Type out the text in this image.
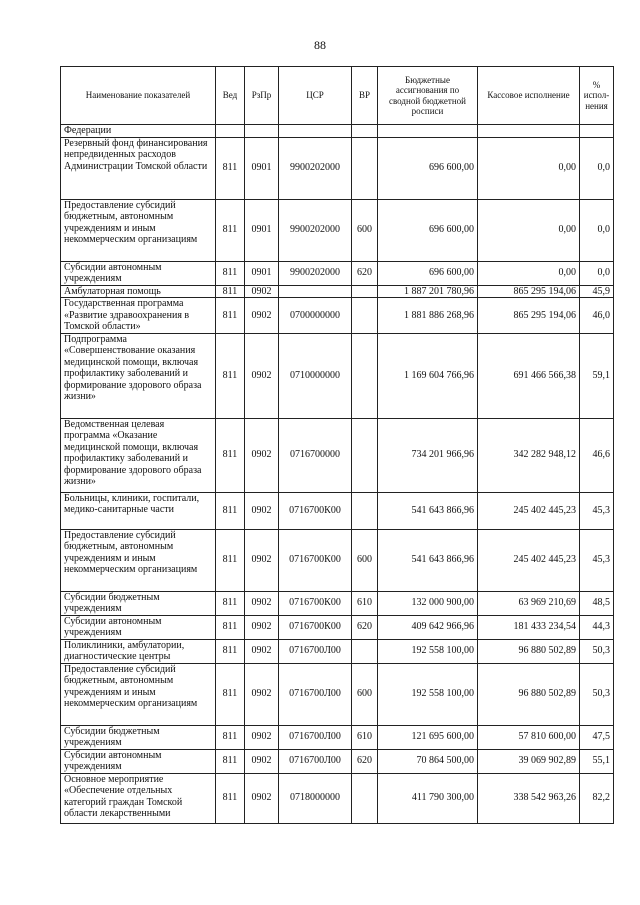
88
Наименование показателей	Вед	РзПр	ЦСР	ВР	Бюджетные ассигнования по сводной бюджетной росписи	Кассовое исполнение	% испол-нения
Федерации							
Резервный фонд финансирования непредвиденных расходов Администрации Томской области	811	0901	9900202000		696 600,00	0,00	0,0
Предоставление субсидий бюджетным, автономным учреждениям и иным некоммерческим организациям	811	0901	9900202000	600	696 600,00	0,00	0,0
Субсидии автономным учреждениям	811	0901	9900202000	620	696 600,00	0,00	0,0
Амбулаторная помощь	811	0902			1 887 201 780,96	865 295 194,06	45,9
Государственная программа «Развитие здравоохранения в Томской области»	811	0902	0700000000		1 881 886 268,96	865 295 194,06	46,0
Подпрограмма «Совершенствование оказания медицинской помощи, включая профилактику заболеваний и формирование здорового образа жизни»	811	0902	0710000000		1 169 604 766,96	691 466 566,38	59,1
Ведомственная целевая программа «Оказание медицинской помощи, включая профилактику заболеваний и формирование здорового образа жизни»	811	0902	0716700000		734 201 966,96	342 282 948,12	46,6
Больницы, клиники, госпитали, медико-санитарные части	811	0902	0716700К00		541 643 866,96	245 402 445,23	45,3
Предоставление субсидий бюджетным, автономным учреждениям и иным некоммерческим организациям	811	0902	0716700К00	600	541 643 866,96	245 402 445,23	45,3
Субсидии бюджетным учреждениям	811	0902	0716700К00	610	132 000 900,00	63 969 210,69	48,5
Субсидии автономным учреждениям	811	0902	0716700К00	620	409 642 966,96	181 433 234,54	44,3
Поликлиники, амбулатории, диагностические центры	811	0902	0716700Л00		192 558 100,00	96 880 502,89	50,3
Предоставление субсидий бюджетным, автономным учреждениям и иным некоммерческим организациям	811	0902	0716700Л00	600	192 558 100,00	96 880 502,89	50,3
Субсидии бюджетным учреждениям	811	0902	0716700Л00	610	121 695 600,00	57 810 600,00	47,5
Субсидии автономным учреждениям	811	0902	0716700Л00	620	70 864 500,00	39 069 902,89	55,1
Основное мероприятие «Обеспечение отдельных категорий граждан Томской области лекарственными	811	0902	0718000000		411 790 300,00	338 542 963,26	82,2
